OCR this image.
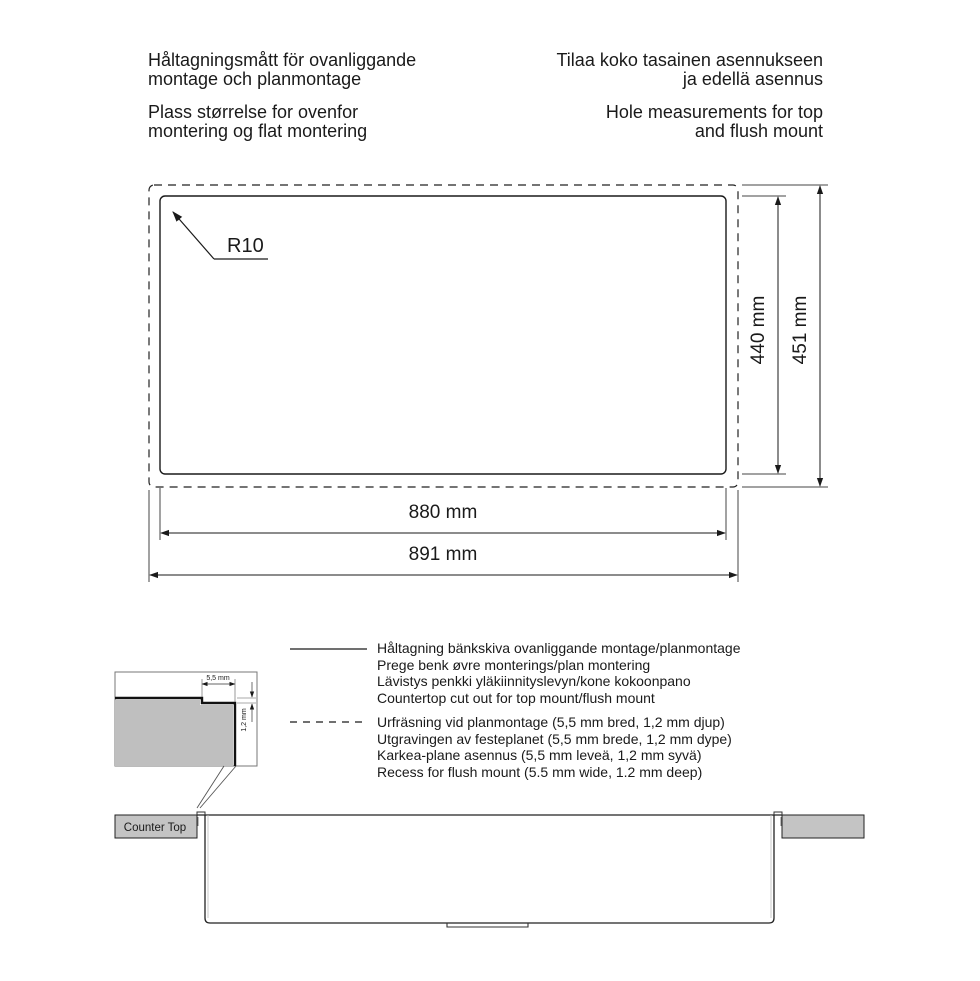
Håltagningsmått för ovanliggande
montage och planmontage
Plass størrelse for ovenfor
montering og flat montering
Tilaa koko tasainen asennukseen
ja edellä asennus
Hole measurements for top
and flush mount
R10
880 mm
891 mm
440 mm 451 mm
5,5 mm
1,2 mm
Counter Top
Håltagning bänkskiva ovanliggande montage/planmontage
Prege benk øvre monterings/plan montering
Lävistys penkki yläkiinnityslevyn/kone kokoonpano
Countertop cut out for top mount/flush mount
Urfräsning vid planmontage (5,5 mm bred, 1,2 mm djup)
Utgravingen av festeplanet (5,5 mm brede, 1,2 mm dype)
Karkea-plane asennus (5,5 mm leveä, 1,2 mm syvä)
Recess for flush mount (5.5 mm wide, 1.2 mm deep)
